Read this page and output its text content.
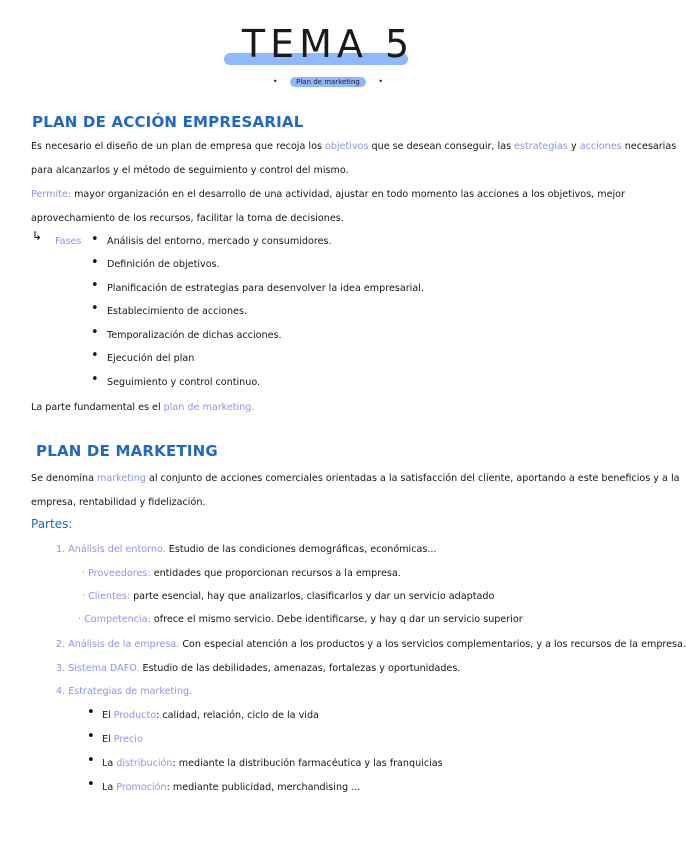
TEMA 5
•	Plan de marketing •
PLAN DE ACCIÓN EMPRESARIAL
Es necesario el diseño de un plan de empresa que recoja los objetivos que se desean conseguir, las estrategias y acciones necesarias
para alcanzarlos y el método de seguimiento y control del mismo.
Permite: mayor organización en el desarrollo de una actividad, ajustar en todo momento las acciones a los objetivos, mejor
aprovechamiento de los recursos, facilitar la toma de decisiones.
↳ Fases • Análisis del entorno, mercado y consumidores.
• Definición de objetivos.
• Planificación de estrategias para desenvolver la idea empresarial.
• Establecimiento de acciones.
• Temporalización de dichas acciones.
• Ejecución del plan
• Seguimiento y control continuo.
La parte fundamental es el plan de marketing.
PLAN DE MARKETING
Se denomina marketing al conjunto de acciones comerciales orientadas a la satisfacción del cliente, aportando a este beneficios y a la
empresa, rentabilidad y fidelización.
Partes:
1. Análisis del entorno. Estudio de las condiciones demográficas, económicas...
· Proveedores: entidades que proporcionan recursos a la empresa.
· Clientes: parte esencial, hay que analizarlos, clasificarlos y dar un servicio adaptado
· Competencia: ofrece el mismo servicio. Debe identificarse, y hay q dar un servicio superior
2. Análisis de la empresa. Con especial atención a los productos y a los servicios complementarios, y a los recursos de la empresa.
3. Sistema DAFO. Estudio de las debilidades, amenazas, fortalezas y oportunidades.
4. Estrategias de marketing.
• El Producto: calidad, relación, ciclo de la vida
• El Precio
• La distribución: mediante la distribución farmacéutica y las franquicias
• La Promoción: mediante publicidad, merchandising ...
